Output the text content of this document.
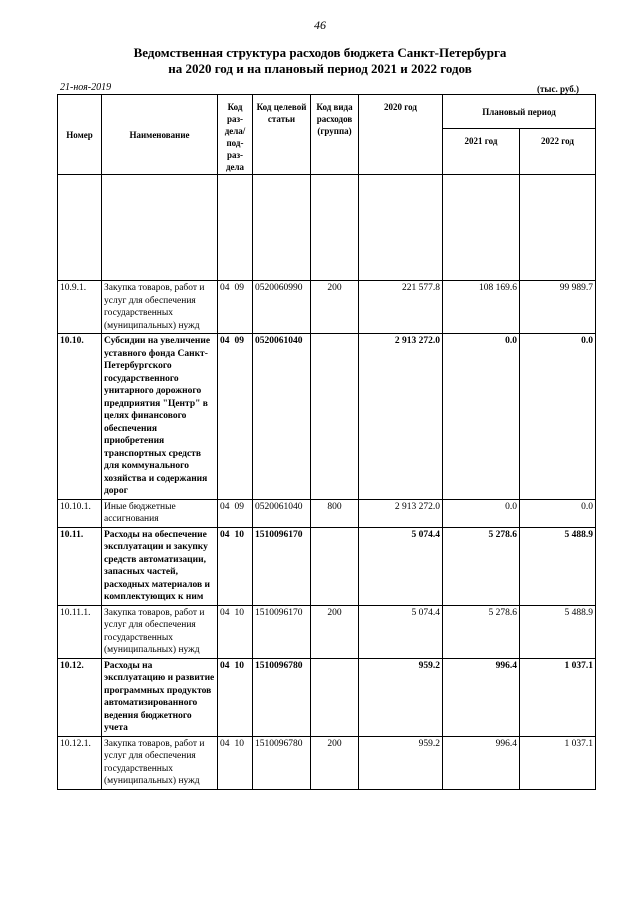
46
Ведомственная структура расходов бюджета Санкт-Петербурга
на 2020 год и на плановый период 2021 и 2022 годов
21-ноя-2019	(тыс. руб.)
Номер	Наименование	Код раз- дела/ под- раз- дела		Код целевой статьи	Код вида расходов (группа)	2020 год	Плановый период	
							2021 год	2022 год

10.9.1.	Закупка товаров, работ и услуг для обеспечения государственных (муниципальных) нужд	04	09	0520060990	200	221 577.8	108 169.6	99 989.7
10.10.	Субсидии на увеличение уставного фонда Санкт-Петербургского государственного унитарного дорожного предприятия "Центр" в целях финансового обеспечения приобретения транспортных средств для коммунального хозяйства и содержания дорог	04	09	0520061040		2 913 272.0	0.0	0.0
10.10.1.	Иные бюджетные ассигнования	04	09	0520061040	800	2 913 272.0	0.0	0.0
10.11.	Расходы на обеспечение эксплуатации и закупку средств автоматизации, запасных частей, расходных материалов и комплектующих к ним	04	10	1510096170		5 074.4	5 278.6	5 488.9
10.11.1.	Закупка товаров, работ и услуг для обеспечения государственных (муниципальных) нужд	04	10	1510096170	200	5 074.4	5 278.6	5 488.9
10.12.	Расходы на эксплуатацию и развитие программных продуктов автоматизированного ведения бюджетного учета	04	10	1510096780		959.2	996.4	1 037.1
10.12.1.	Закупка товаров, работ и услуг для обеспечения государственных (муниципальных) нужд	04	10	1510096780	200	959.2	996.4	1 037.1
